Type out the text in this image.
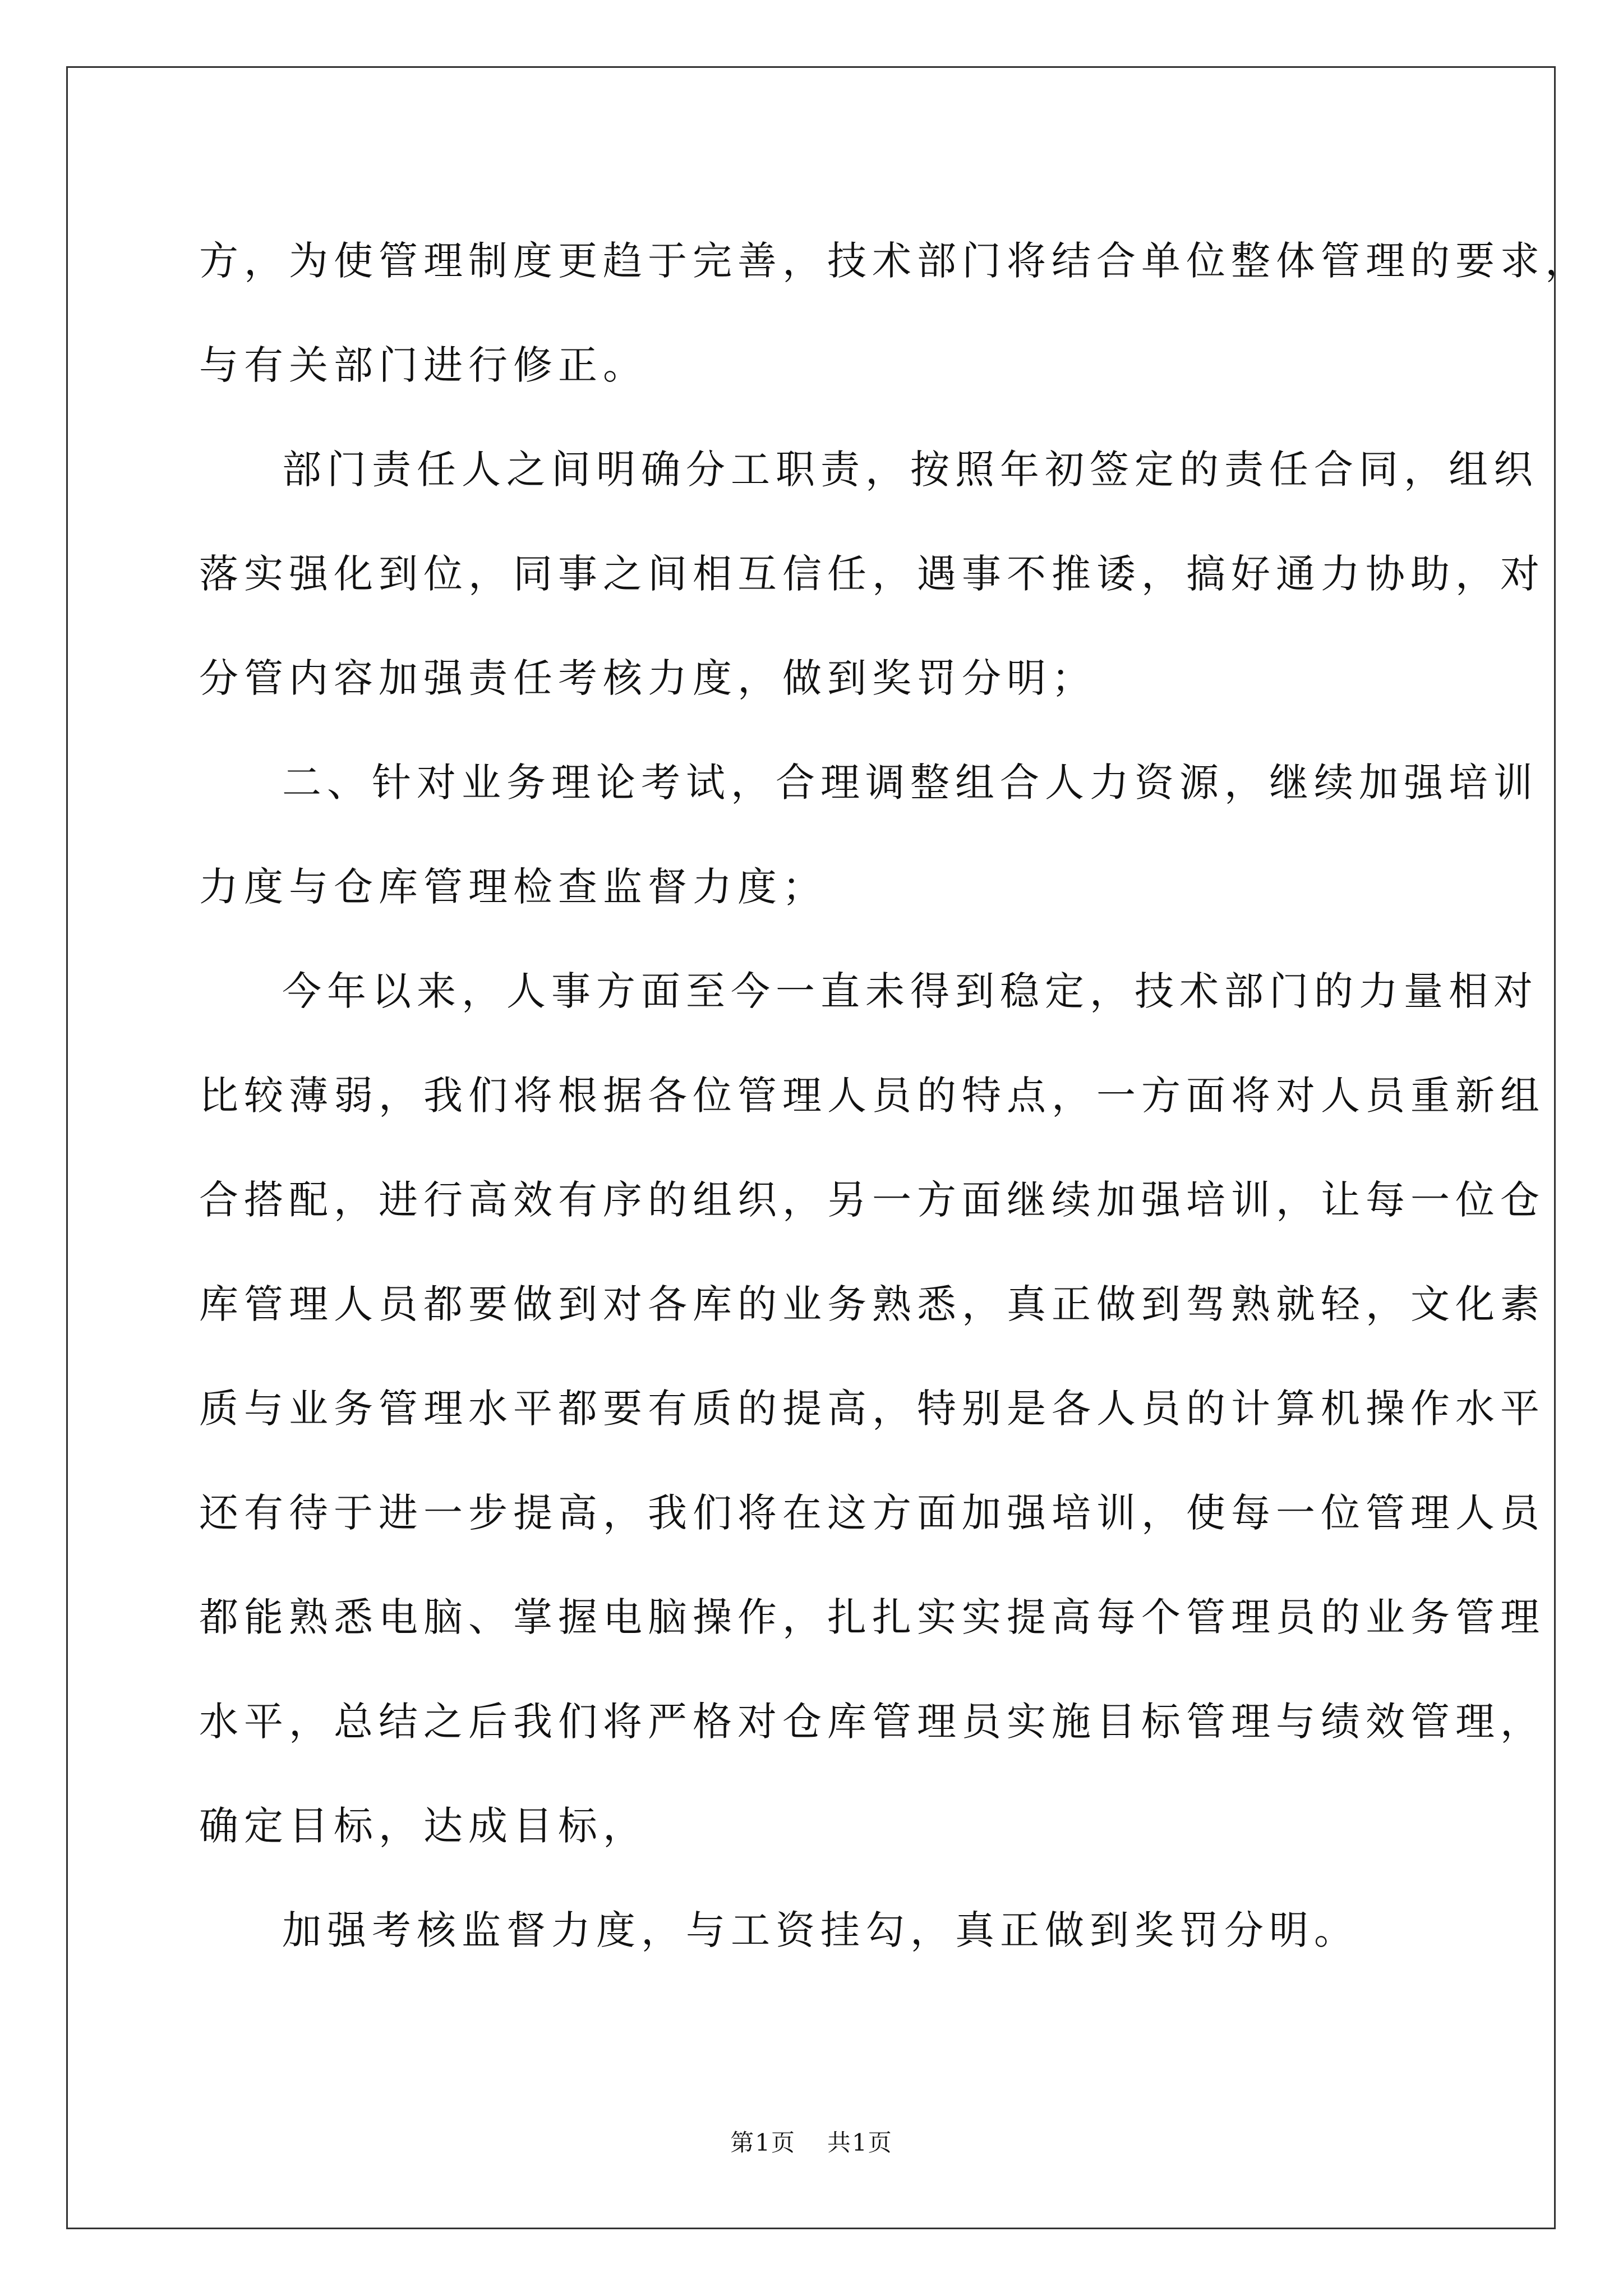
方，为使管理制度更趋于完善，技术部门将结合单位整体管理的要求，
与有关部门进行修正。

部门责任人之间明确分工职责，按照年初签定的责任合同，组织
落实强化到位，同事之间相互信任，遇事不推诿，搞好通力协助，对
分管内容加强责任考核力度，做到奖罚分明；

二、针对业务理论考试，合理调整组合人力资源，继续加强培训
力度与仓库管理检查监督力度；

今年以来，人事方面至今一直未得到稳定，技术部门的力量相对
比较薄弱，我们将根据各位管理人员的特点，一方面将对人员重新组
合搭配，进行高效有序的组织，另一方面继续加强培训，让每一位仓
库管理人员都要做到对各库的业务熟悉，真正做到驾熟就轻，文化素
质与业务管理水平都要有质的提高，特别是各人员的计算机操作水平
还有待于进一步提高，我们将在这方面加强培训，使每一位管理人员
都能熟悉电脑、掌握电脑操作，扎扎实实提高每个管理员的业务管理
水平，总结之后我们将严格对仓库管理员实施目标管理与绩效管理，
确定目标，达成目标，

加强考核监督力度，与工资挂勾，真正做到奖罚分明。

第1页 共1页
